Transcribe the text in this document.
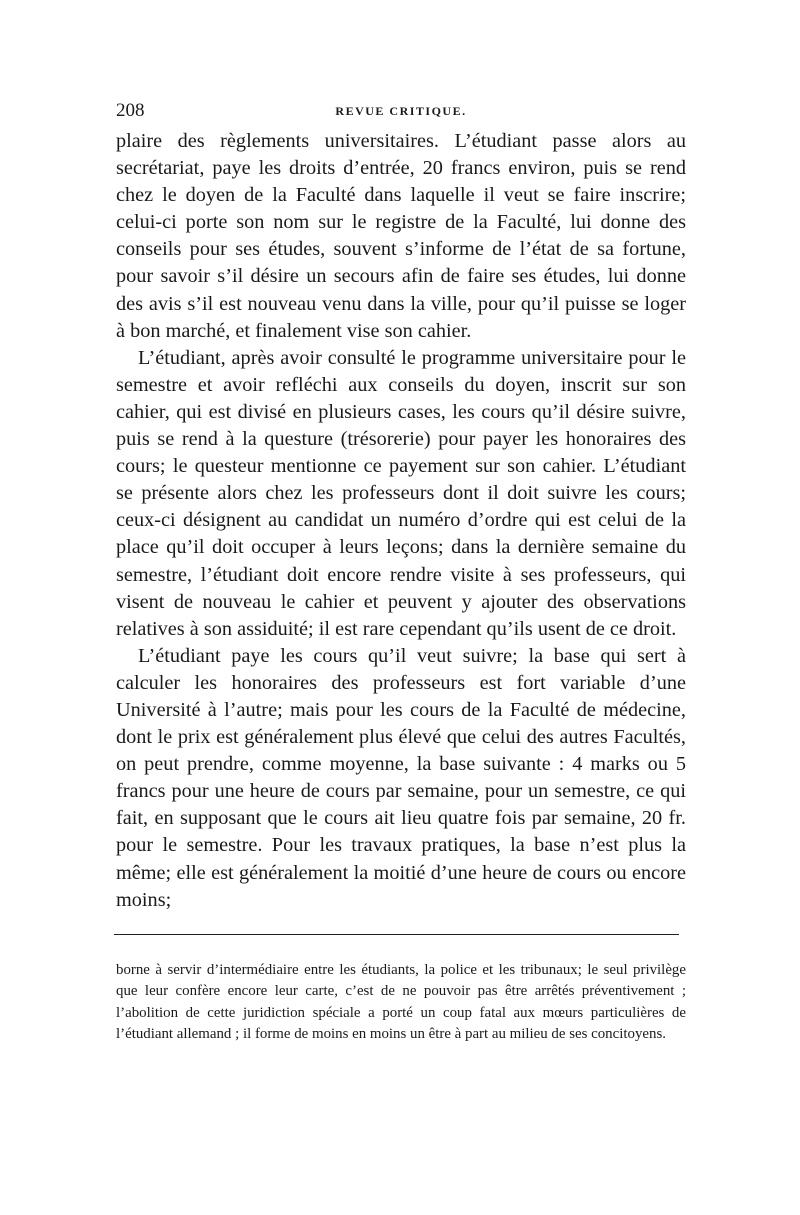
208	REVUE CRITIQUE.

plaire des règlements universitaires. L’étudiant passe alors au secrétariat, paye les droits d’entrée, 20 francs environ, puis se rend chez le doyen de la Faculté dans laquelle il veut se faire inscrire; celui-ci porte son nom sur le registre de la Faculté, lui donne des conseils pour ses études, souvent s’informe de l’état de sa fortune, pour savoir s’il désire un secours afin de faire ses études, lui donne des avis s’il est nouveau venu dans la ville, pour qu’il puisse se loger à bon marché, et finalement vise son cahier.

L’étudiant, après avoir consulté le programme universitaire pour le semestre et avoir refléchi aux conseils du doyen, inscrit sur son cahier, qui est divisé en plusieurs cases, les cours qu’il désire suivre, puis se rend à la questure (trésorerie) pour payer les honoraires des cours; le questeur mentionne ce payement sur son cahier. L’étudiant se présente alors chez les professeurs dont il doit suivre les cours; ceux-ci désignent au candidat un numéro d’ordre qui est celui de la place qu’il doit occuper à leurs leçons; dans la dernière semaine du semestre, l’étudiant doit encore rendre visite à ses professeurs, qui visent de nouveau le cahier et peuvent y ajouter des observations relatives à son assiduité; il est rare cependant qu’ils usent de ce droit.

L’étudiant paye les cours qu’il veut suivre; la base qui sert à calculer les honoraires des professeurs est fort variable d’une Université à l’autre; mais pour les cours de la Faculté de médecine, dont le prix est généralement plus élevé que celui des autres Facultés, on peut prendre, comme moyenne, la base suivante : 4 marks ou 5 francs pour une heure de cours par semaine, pour un semestre, ce qui fait, en supposant que le cours ait lieu quatre fois par semaine, 20 fr. pour le semestre. Pour les travaux pratiques, la base n’est plus la même; elle est généralement la moitié d’une heure de cours ou encore moins;

borne à servir d’intermédiaire entre les étudiants, la police et les tribunaux; le seul privilège que leur confère encore leur carte, c’est de ne pouvoir pas être arrêtés préventivement ; l’abolition de cette juridiction spéciale a porté un coup fatal aux mœurs particulières de l’étudiant allemand ; il forme de moins en moins un être à part au milieu de ses concitoyens.
